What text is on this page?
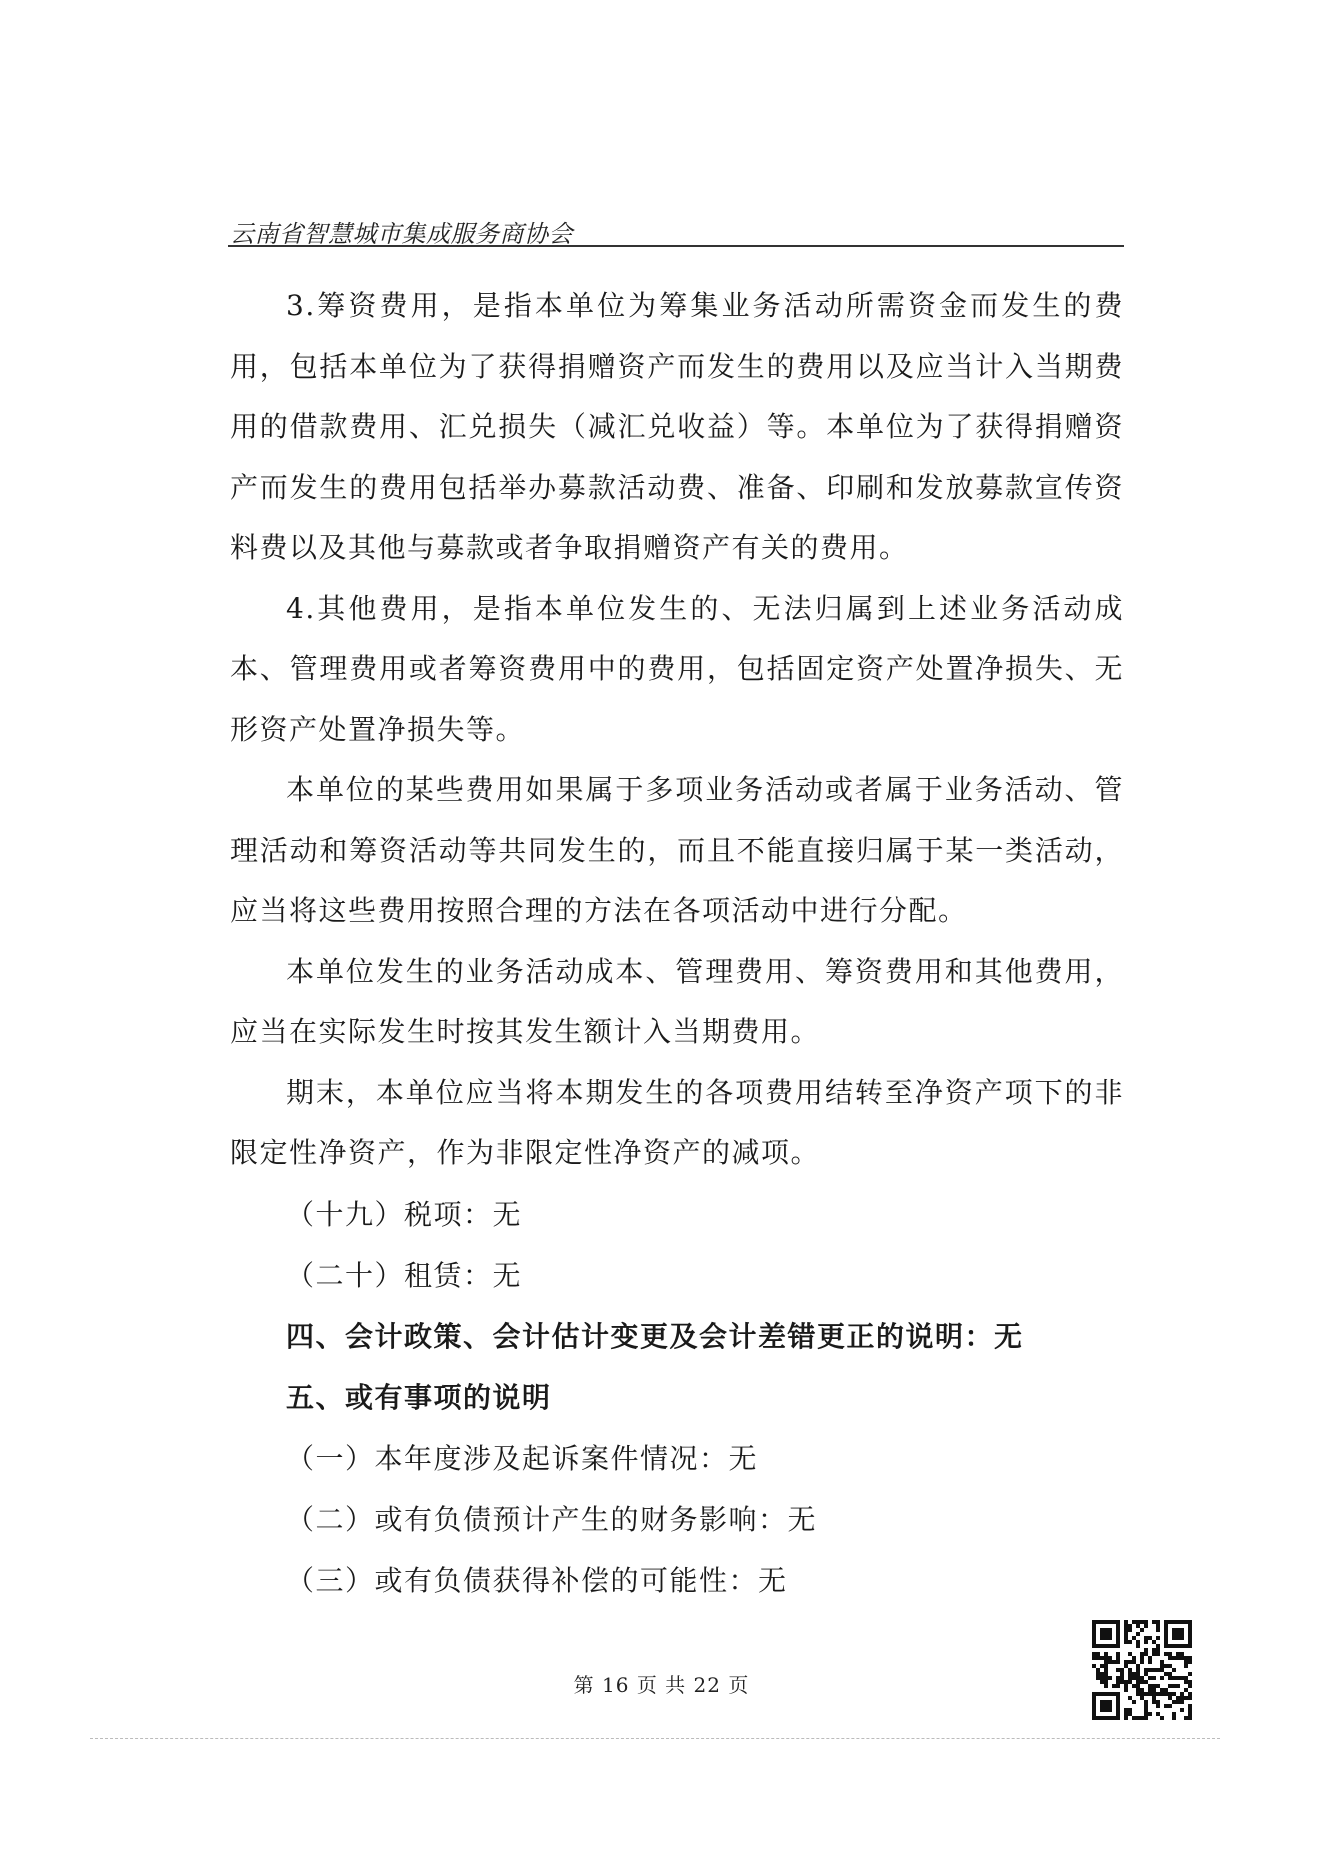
云南省智慧城市集成服务商协会

3.筹资费用，是指本单位为筹集业务活动所需资金而发生的费用，包括本单位为了获得捐赠资产而发生的费用以及应当计入当期费用的借款费用、汇兑损失（减汇兑收益）等。本单位为了获得捐赠资产而发生的费用包括举办募款活动费、准备、印刷和发放募款宣传资料费以及其他与募款或者争取捐赠资产有关的费用。

4.其他费用，是指本单位发生的、无法归属到上述业务活动成本、管理费用或者筹资费用中的费用，包括固定资产处置净损失、无形资产处置净损失等。

本单位的某些费用如果属于多项业务活动或者属于业务活动、管理活动和筹资活动等共同发生的，而且不能直接归属于某一类活动，应当将这些费用按照合理的方法在各项活动中进行分配。

本单位发生的业务活动成本、管理费用、筹资费用和其他费用，应当在实际发生时按其发生额计入当期费用。

期末，本单位应当将本期发生的各项费用结转至净资产项下的非限定性净资产，作为非限定性净资产的减项。

（十九）税项：无

（二十）租赁：无

四、会计政策、会计估计变更及会计差错更正的说明：无

五、或有事项的说明

（一）本年度涉及起诉案件情况：无

（二）或有负债预计产生的财务影响：无

（三）或有负债获得补偿的可能性：无

第 16 页 共 22 页
